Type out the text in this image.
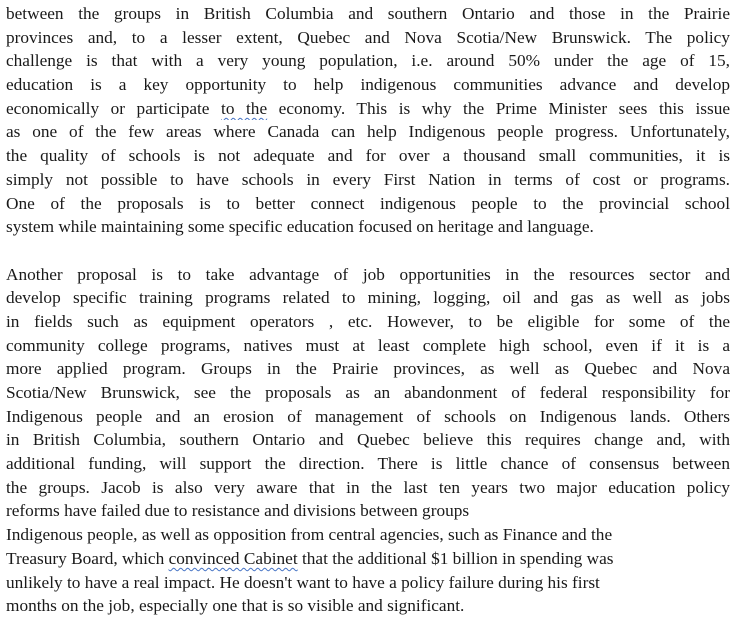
between the groups in British Columbia and southern Ontario and those in the Prairie
provinces and, to a lesser extent, Quebec and Nova Scotia/New Brunswick. The policy
challenge is that with a very young population, i.e. around 50% under the age of 15,
education is a key opportunity to help indigenous communities advance and develop
economically or participate to the economy. This is why the Prime Minister sees this issue
as one of the few areas where Canada can help Indigenous people progress. Unfortunately,
the quality of schools is not adequate and for over a thousand small communities, it is
simply not possible to have schools in every First Nation in terms of cost or programs.
One of the proposals is to better connect indigenous people to the provincial school
system while maintaining some specific education focused on heritage and language.
Another proposal is to take advantage of job opportunities in the resources sector and
develop specific training programs related to mining, logging, oil and gas as well as jobs
in fields such as equipment operators , etc. However, to be eligible for some of the
community college programs, natives must at least complete high school, even if it is a
more applied program. Groups in the Prairie provinces, as well as Quebec and Nova
Scotia/New Brunswick, see the proposals as an abandonment of federal responsibility for
Indigenous people and an erosion of management of schools on Indigenous lands. Others
in British Columbia, southern Ontario and Quebec believe this requires change and, with
additional funding, will support the direction. There is little chance of consensus between
the groups. Jacob is also very aware that in the last ten years two major education policy
reforms have failed due to resistance and divisions between groups
Indigenous people, as well as opposition from central agencies, such as Finance and the
Treasury Board, which convinced Cabinet that the additional $1 billion in spending was
unlikely to have a real impact. He doesn't want to have a policy failure during his first
months on the job, especially one that is so visible and significant.
